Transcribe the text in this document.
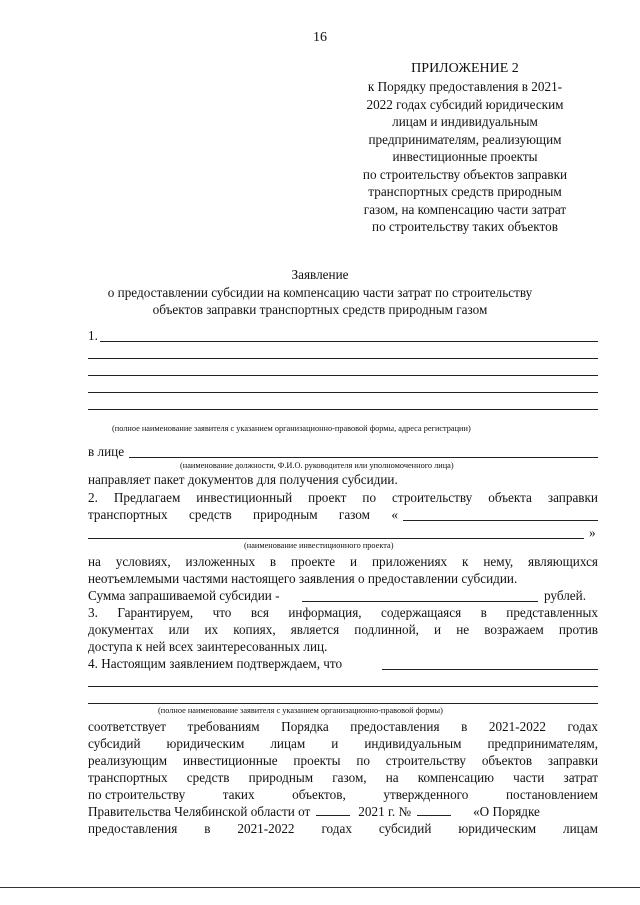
16
ПРИЛОЖЕНИЕ 2
к Порядку предоставления в 2021-
2022 годах субсидий юридическим
лицам и индивидуальным
предпринимателям, реализующим
инвестиционные проекты
по строительству объектов заправки
транспортных средств природным
газом, на компенсацию части затрат
по строительству таких объектов
Заявление
о предоставлении субсидии на компенсацию части затрат по строительству
объектов заправки транспортных средств природным газом
1.
(полное наименование заявителя с указанием организационно-правовой формы, адреса регистрации)
в лице
(наименование должности, Ф.И.О. руководителя или уполномоченного лица)
направляет пакет документов для получения субсидии.
2. Предлагаем инвестиционный проект по строительству объекта заправки
транспортных средств природным газом «
»
(наименование инвестиционного проекта)
на условиях, изложенных в проекте и приложениях к нему, являющихся
неотъемлемыми частями настоящего заявления о предоставлении субсидии.
Сумма запрашиваемой субсидии -	рублей.
3. Гарантируем, что вся информация, содержащаяся в представленных
документах или их копиях, является подлинной, и не возражаем против
доступа к ней всех заинтересованных лиц.
4. Настоящим заявлением подтверждаем, что
(полное наименование заявителя с указанием организационно-правовой формы)
соответствует требованиям Порядка предоставления в 2021-2022 годах
субсидий юридическим лицам и индивидуальным предпринимателям,
реализующим инвестиционные проекты по строительству объектов заправки
транспортных средств природным газом, на компенсацию части затрат
по строительству	таких	объектов,	утвержденного	постановлением
Правительства Челябинской области от	2021 г. №	«О Порядке
предоставления в 2021-2022 годах субсидий юридическим лицам
